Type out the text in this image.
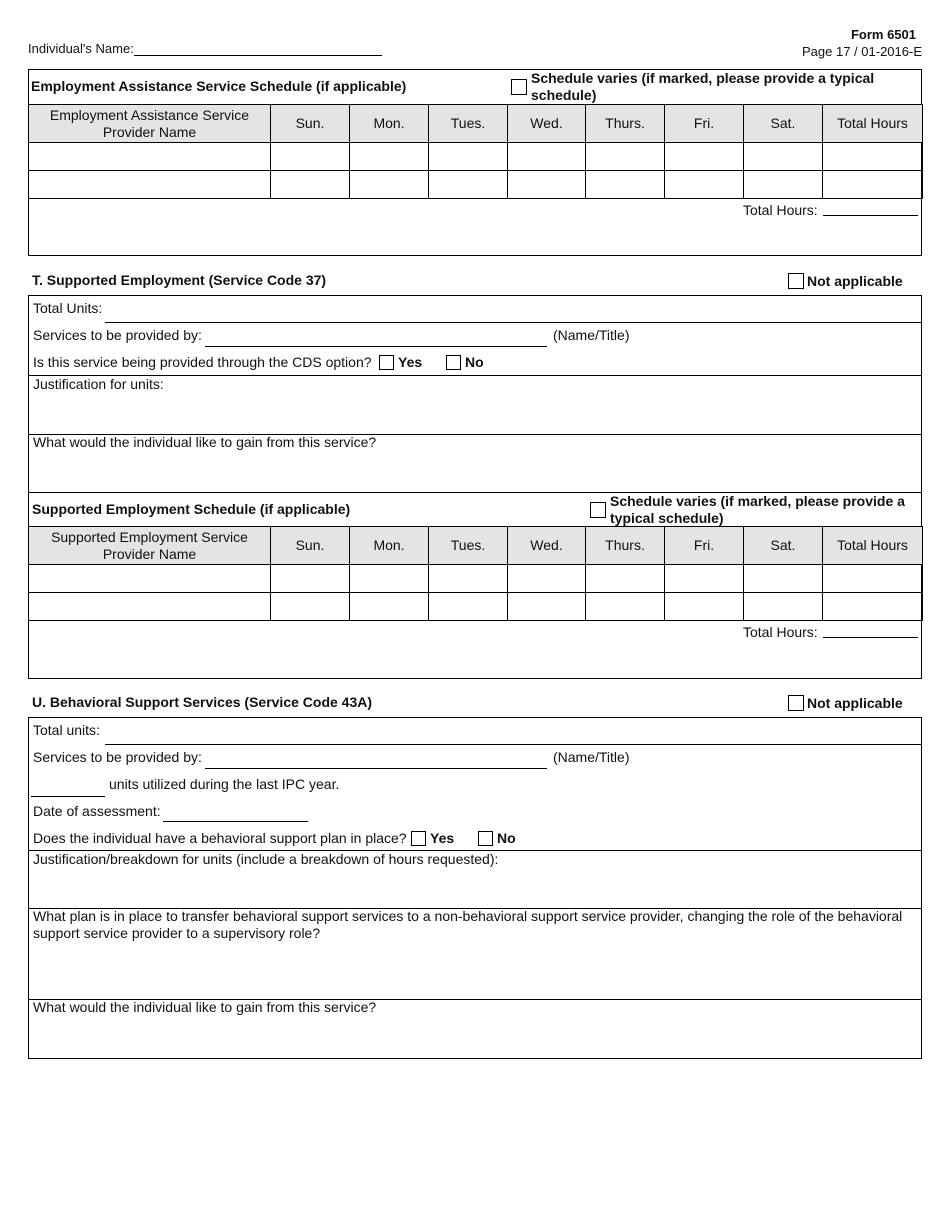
Individual's Name:
Form 6501
Page 17 / 01-2016-E
Employment Assistance Service Schedule (if applicable)	Schedule varies (if marked, please provide a typical schedule)
Employment Assistance Service Provider Name	Sun.	Mon.	Tues.	Wed.	Thurs.	Fri.	Sat.	Total Hours

Total Hours:
T. Supported Employment (Service Code 37)	Not applicable
Total Units:
Services to be provided by:	(Name/Title)
Is this service being provided through the CDS option? Yes	No
Justification for units:
What would the individual like to gain from this service?
Supported Employment Schedule (if applicable)	Schedule varies (if marked, please provide a typical schedule)
Supported Employment Service Provider Name	Sun.	Mon.	Tues.	Wed.	Thurs.	Fri.	Sat.	Total Hours

Total Hours:
U. Behavioral Support Services (Service Code 43A)	Not applicable
Total units:
Services to be provided by:	(Name/Title)
units utilized during the last IPC year.
Date of assessment:
Does the individual have a behavioral support plan in place? Yes	No
Justification/breakdown for units (include a breakdown of hours requested):
What plan is in place to transfer behavioral support services to a non-behavioral support service provider, changing the role of the behavioral support service provider to a supervisory role?
What would the individual like to gain from this service?
